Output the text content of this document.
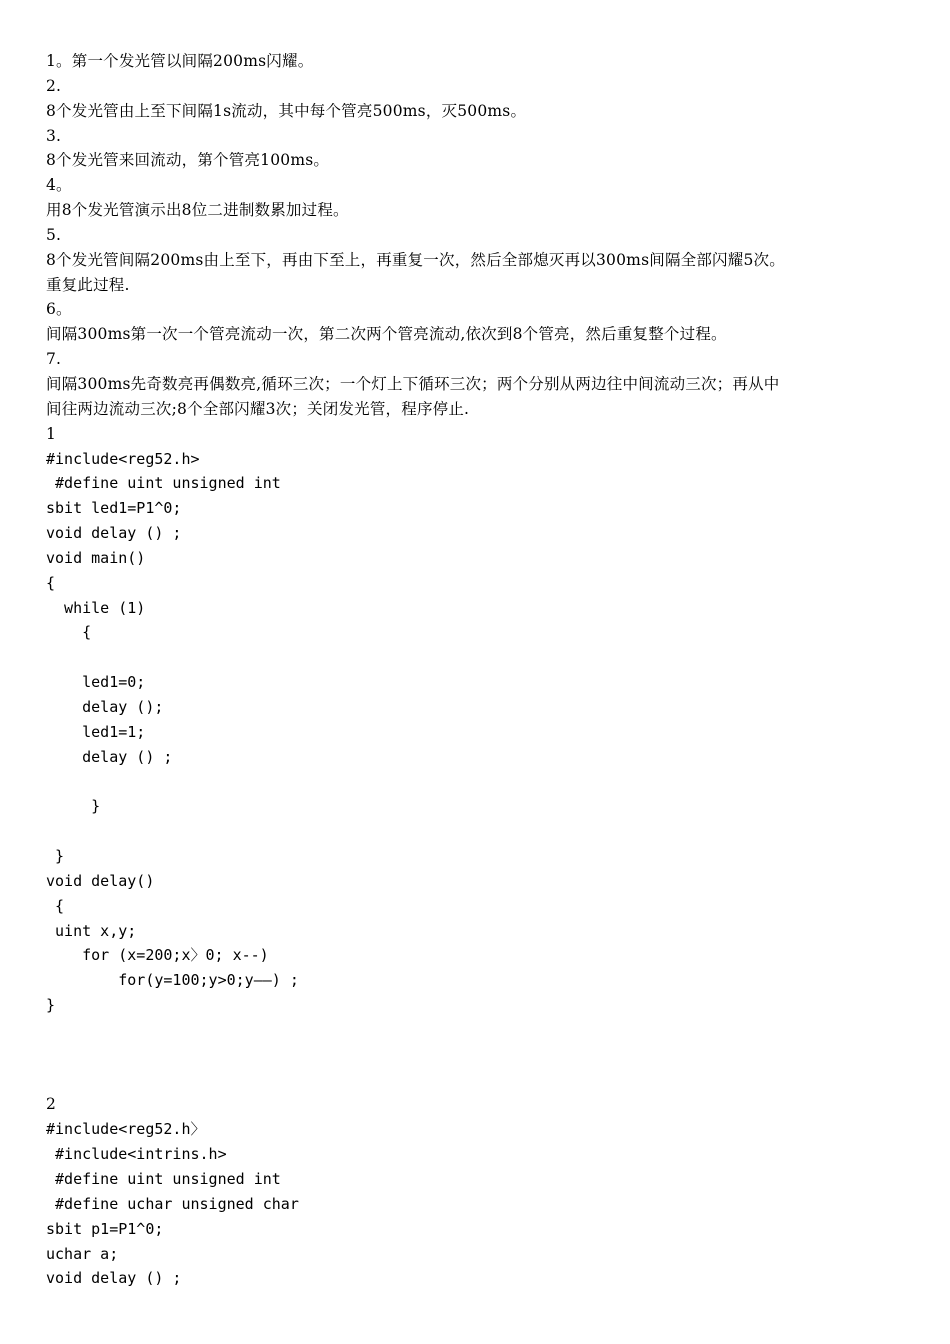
1。第一个发光管以间隔200ms闪耀。
2.
8个发光管由上至下间隔1s流动，其中每个管亮500ms，灭500ms。
3.
8个发光管来回流动，第个管亮100ms。
4。
用8个发光管演示出8位二进制数累加过程。
5.
8个发光管间隔200ms由上至下，再由下至上，再重复一次，然后全部熄灭再以300ms间隔全部闪耀5次。
重复此过程.
6。
间隔300ms第一次一个管亮流动一次，第二次两个管亮流动,依次到8个管亮，然后重复整个过程。
7.
间隔300ms先奇数亮再偶数亮,循环三次；一个灯上下循环三次；两个分别从两边往中间流动三次；再从中
间往两边流动三次;8个全部闪耀3次；关闭发光管，程序停止.
1
#include<reg52.h>
#define uint unsigned int
sbit led1=P1^0;
void delay () ;
void main()
{
while (1)
{
led1=0;
delay ();
led1=1;
delay () ;
}
}
void delay()
{
uint x,y;
for (x=200;x〉0; x--)
for(y=100;y>0;y——) ;
}
2
#include<reg52.h〉
#include<intrins.h>
#define uint unsigned int
#define uchar unsigned char
sbit p1=P1^0;
uchar a;
void delay () ;
